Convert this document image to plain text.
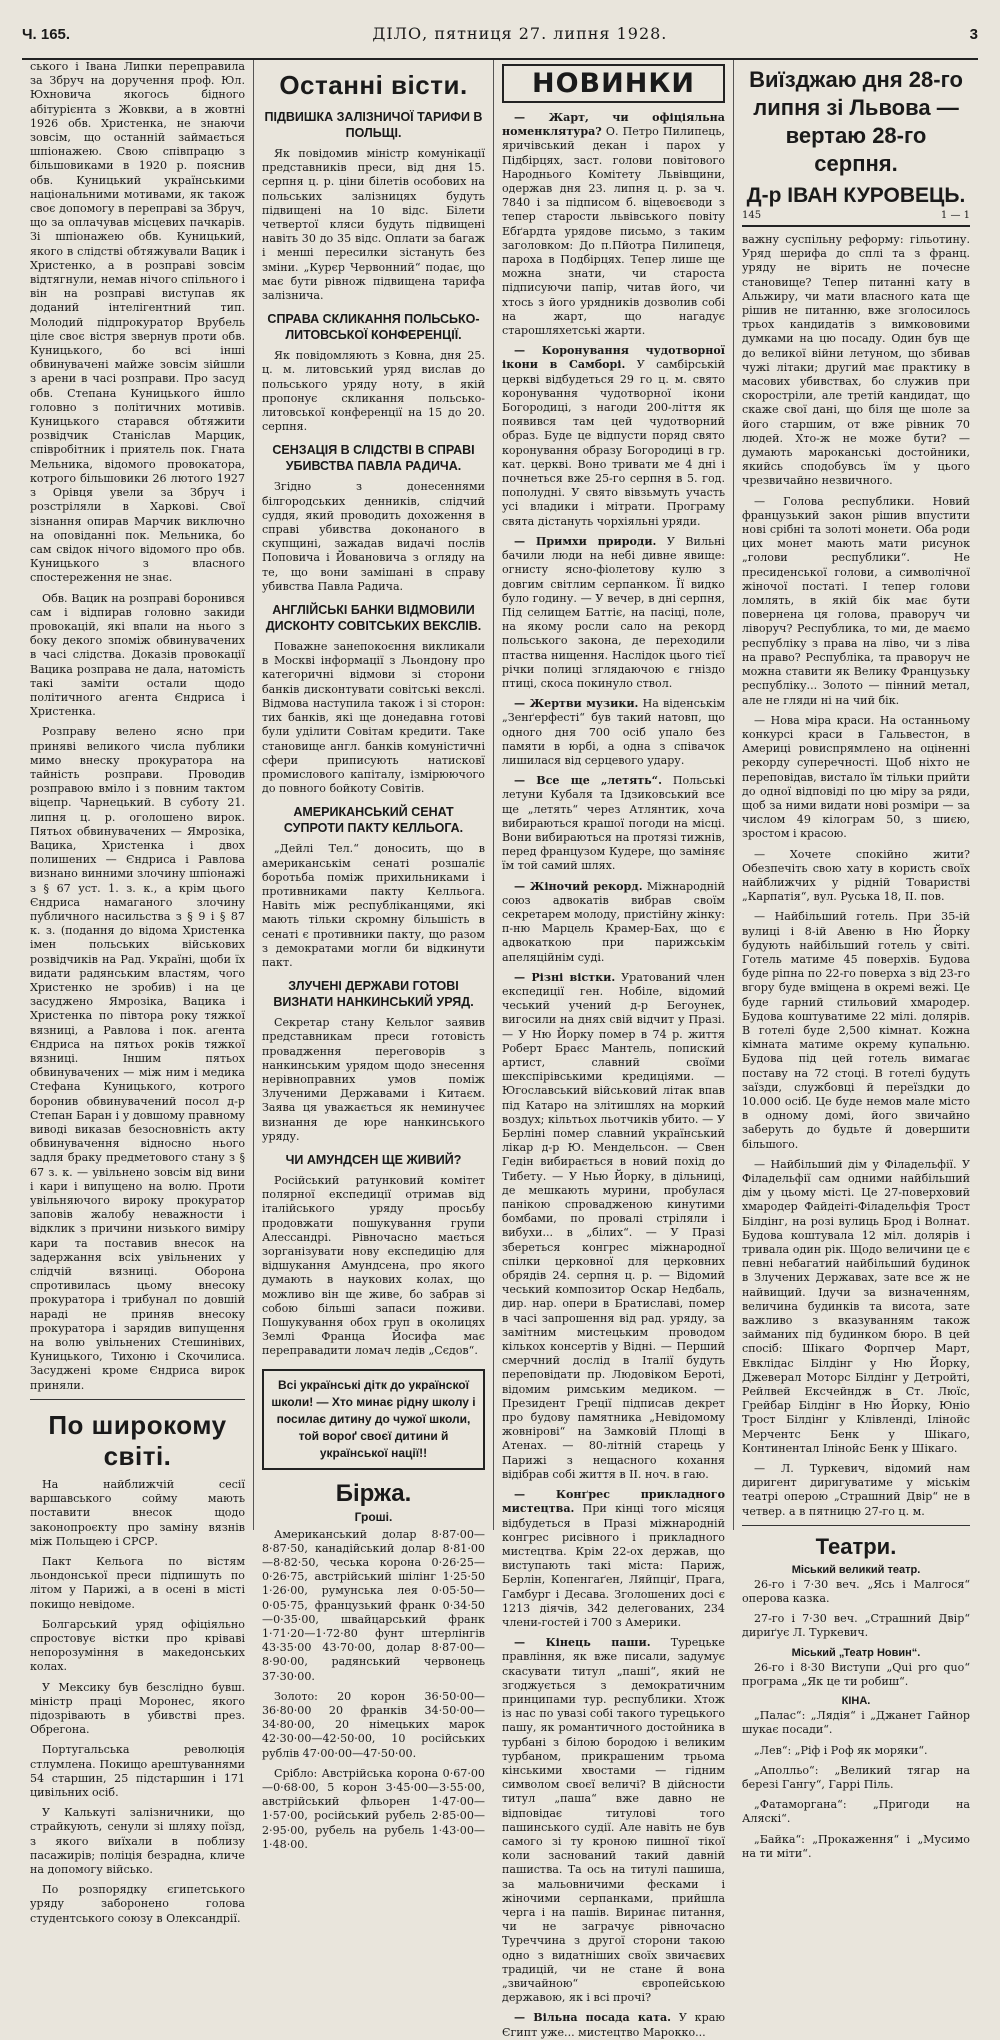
Ч. 165.	ДІЛО, пятниця 27. липня 1928.	3

ського і Івана Липки переправила за Збруч на доручення проф. Юл. Юхновича якогось бідного абітурієнта з Жовкви, а в жовтні 1926 обв. Христенка, не знаючи зовсім, що останній займається шпіонажею. Свою співпрацю з більшовиками в 1920 р. пояснив обв. Куницький українськими національними мотивами, як також своє допомогу в переправі за Збруч, що за оплачував місцевих пачкарів. Зі шпіонажею обв. Куницький, якого в слідстві обтяжували Вацик і Христенко, а в розправі зовсім відтягнули, немав нічого спільного і він на розправі виступав як доданий інтелігентний тип. Молодий підпрокуратор Врубель ціле своє вістря звернув проти обв. Куницького, бо всі інші обвинувачені майже зовсім зійшли з арени в часі розправи. Про засуд обв. Степана Куницького йшло головно з політичних мотивів. Куницького старався обтяжити розвідчик Станіслав Марцик, співробітник і приятель пок. Гната Мельника, відомого провокатора, котрого більшовики 26 лютого 1927 з Орівця увели за Збруч і розстріляли в Харкові. Свої зізнання опирав Марчик виключно на оповіданні пок. Мельника, бо сам свідок нічого відомого про обв. Куницького з власного спостереження не знає.

Обв. Вацик на розправі боронився сам і відпирав головно закиди провокацій, які впали на нього з боку декого зпоміж обвинувачених в часі слідства. Доказів провокації Вацика розправа не дала, натомість такі заміти остали щодо політичного агента Єндриса і Христенка.

Розправу велено ясно при приняві великого числа публики мимо внеску прокуратора на тайність розправи. Проводив розправою вміло і з повним тактом віцепр. Чарнецький. В суботу 21. липня ц. р. оголошено вирок. Пятьох обвинувачених — Ямрозіка, Вацика, Христенка і двох полишених — Єндриса і Равлова визнано винними злочину шпіонажі з § 67 уст. 1. з. к., а крім цього Єндриса намаганого злочину публичного насильства з § 9 і § 87 к. з. (подання до відома Христенка імен польських військових розвідчиків на Рад. Україні, щоби їх видати радянським властям, чого Христенко не зробив) і на це засуджено Ямрозіка, Вацика і Христенка по півтора року тяжкої вязниці, а Равлова і пок. агента Єндриса на пятьох років тяжкої вязниці. Іншим пятьох обвинувачених — між ним і медика Стефана Куницького, котрого боронив обвинувачений посол д-р Степан Баран і у довшому правному виводі виказав безосновність акту обвинувачення відносно нього задля браку предметового стану з § 67 з. к. — увільнено зовсім від вини і кари і випущено на волю. Проти увільняючого вироку прокуратор заповів жалобу неважности і відклик з причини низького виміру кари та поставив внесок на задержання всіх увільнених у слідчій вязниці. Оборона спротивилась цьому внесоку прокуратора і трибунал по довшій нараді не приняв внесоку прокуратора і зарядив випущення на волю увільнених Стешинівих, Куницького, Тихоню і Скочилиса. Засуджені кроме Єндриса вирок приняли.

По широкому світі.

На найближчій сесії варшавського сойму мають поставити внесок щодо законопроєкту про заміну вязнів між Польщею і СРСР.

Пакт Кельога по вістям льондонської преси підпишуть по літом у Парижі, а в осені в місті покищо невідоме.

Болгарський уряд офіціяльно спростовує вістки про кріваві непорозуміння в македонських колах.

У Мексику був безслідно бувш. міністр праці Моронес, якого підозрівають в убивстві през. Обрегона.

Португальська революція стлумлена. Покищо арештуваннями 54 старшин, 25 підстаршин і 171 цивільних осіб.

У Калькуті залізничники, що страйкують, сенули зі шляху поїзд, з якого виїхали в поблизу пасажирів; поліція безрадна, кличе на допомогу військо.

По розпорядку єгипетського уряду заборонено голова студентського союзу в Олександрії.

Останні вісти.
ПІДВИШКА ЗАЛІЗНИЧОЇ ТАРИФИ В ПОЛЬЩІ.

Як повідомив міністр комунікації представників преси, від дня 15. серпня ц. р. ціни білетів особових на польських залізницях будуть підвищені на 10 відс. Білети четвертої кляси будуть підвищені навіть 30 до 35 відс. Оплати за багаж і менші пересилки зістануть без зміни. „Курєр Червонний“ подає, що має бути рівнож підвищена тарифа залізнича.

СПРАВА СКЛИКАННЯ ПОЛЬСЬКО-ЛИТОВСЬКОЇ КОНФЕРЕНЦІЇ.

Як повідомляють з Ковна, дня 25. ц. м. литовський уряд вислав до польського уряду ноту, в якій пропонує скликання польсько-литовської конференції на 15 до 20. серпня.

СЕНЗАЦІЯ В СЛІДСТВІ В СПРАВІ УБИВСТВА ПАВЛА РАДИЧА.

Згідно з донесеннями білгородських денників, слідчий суддя, який проводить дохоження в справі убивства доконаного в скупщині, зажадав видачі послів Поповича і Йовановича з огляду на те, що вони замішані в справу убивства Павла Радича.

АНГЛІЙСЬКІ БАНКИ ВІДМОВИЛИ ДИСКОНТУ СОВІТСЬКИХ ВЕКСЛІВ.

Поважне занепокоєння викликали в Москві інформації з Льондону про категоричні відмови зі сторони банків дисконтувати совітські векслі. Відмова наступила також і зі сторон: тих банків, які ще донедавна готові були уділити Совітам кредити. Таке становище англ. банків комуністичні сфери приписують натисковї промислового капіталу, ізмірюючого до повного бойкоту Совітів.

АМЕРИКАНСЬКИЙ СЕНАТ СУПРОТИ ПАКТУ КЕЛЛЬОГА.

„Дейлі Тел.“ доносить, що в американськім сенаті розшаліє боротьба поміж прихильниками і противниками пакту Келльога. Навіть між республіканцями, які мають тільки скромну більшість в сенаті є противники пакту, що разом з демократами могли би відкинути пакт.

ЗЛУЧЕНІ ДЕРЖАВИ ГОТОВІ ВИЗНАТИ НАНКИНСЬКИЙ УРЯД.

Секретар стану Кельлог заявив представникам преси готовість провадження переговорів з нанкинським урядом щодо знесення нерівноправних умов поміж Злученими Державами і Китаєм. Заява ця уважається як неминучеє визнання де юре нанкинського уряду.

ЧИ АМУНДСЕН ЩЕ ЖИВИЙ?

Російський ратунковий комітет полярної експедиції отримав від італійського уряду просьбу продовжати пошукування групи Алессандрі. Рівночасно мається зорганізувати нову експедицію для відшукання Амундсена, про якого думають в наукових колах, що можливо він ще живе, бо забрав зі собою більші запаси поживи. Пошукування обох груп в околицях Землі Франца Йосифа має переправадити ломач ледів „Сєдов“.

Всі українські дітк до українскої школи! — Хто минає рідну школу і посилає дитину до чужої школи, той вороґ своєї дитини й української нації!!
Біржа.
Гроші.

Американський долар 8·87·00—8·87·50, канадійський долар 8·81·00—8·82·50, чеська корона 0·26·25—0·26·75, австрійський шілінг 1·25·50 1·26·00, румунська лея 0·05·50—0·05·75, французький франк 0·34·50—0·35·00, швайцарський франк 1·71·20—1·72·80 фунт штерлінгів 43·35·00 43·70·00, долар 8·87·00—8·90·00, радянський червонець 37·30·00.

Золото: 20 корон 36·50·00—36·80·00 20 франків 34·50·00—34·80·00, 20 німецьких марок 42·30·00—42·50·00, 10 російських рублів 47·00·00—47·50·00.

Срібло: Австрійська корона 0·67·00—0·68·00, 5 корон 3·45·00—3·55·00, австрійський фльорен 1·47·00—1·57·00, російський рубель 2·85·00—2·95·00, рубель на рубель 1·43·00—1·48·00.

НОВИНКИ

— Жарт, чи офіціяльна номенклятура? О. Петро Пилипець, яричівський декан і парох у Підбірцях, заст. голови повітового Народнього Комітету Львівщини, одержав дня 23. липня ц. р. за ч. 7840 і за підписом б. віцевоєводи з тепер старости львівського повіту Ебґардта урядове письмо, з таким заголовком: До п.Пйотра Пилипеця, пароха в Подбірцях. Тепер лише ще можна знати, чи староста підписуючи папір, читав його, чи хтось з його урядників дозволив собі на жарт, що нагадує старошляхетські жарти.

— Коронування чудотворної ікони в Самборі. У самбірській церкві відбудеться 29 го ц. м. свято коронування чудотворної ікони Богородиці, з нагоди 200-ліття як появився там цей чудотворний образ. Буде це відпусти поряд свято коронування образу Богородиці в гр. кат. церкві. Воно тривати ме 4 дні і почнеться вже 25-го серпня в 5. год. пополудні. У свято вівзьмуть участь усі владики і мітрати. Програму свята дістануть чорхіяльні уряди.

— Примхи природи. У Вильні бачили люди на небі дивне явище: огнисту ясно-фіолетову кулю з довгим світлим серпанком. Її видко було годину. — У вечер, в дні серпня, Під селищем Баттіє, на пасіці, поле, на якому росли сало на рекорд польського закона, де переходили птаства нищення. Наслідок цього тієї річки полиці зглядаючою є гніздо птиці, скоса покинуло ствол.

— Жертви музики. На віденськім „Зенґерфесті“ був такий натовп, що одного дня 700 осіб упало без памяти в юрбі, а одна з співачок лишилася від серцевого удару.

— Все ще „летять“. Польські летуни Кубаля та Ідзиковський все ще „летять“ через Атлянтик, хоча вибираються крашої погоди на місці. Вони вибираються на протязі тижнів, перед французом Кудере, що заміняє їм той самий шлях.

— Жіночий рекорд. Міжнародній союз адвокатів вибрав своїм секретарем молоду, пристійну жінку: п-ню Марцель Крамер-Бах, що є адвокаткою при парижськім апеляційнім суді.

— Різні вістки. Уратований член експедиції ген. Нобіле, відомий чеський учений д-р Бегоунек, вигосили на днях свій відчит у Празі. — У Ню Йорку помер в 74 р. життя Роберт Браєс Мантель, попиский артист, славний своїми шекспірівськими кредиціями. — Югославський військовий літак впав під Катаро на злітишлях на моркий воздух; кільтьох льотчиків убито. — У Берліні помер славний український лікар д-р Ю. Мендельсон. — Свен Гедін вибирається в новий похід до Тибету. — У Нью Йорку, в дільниці, де мешкають мурини, пробулася панікою спровадженою кинутими бомбами, по провалі стріляли і вибухи... в „білих“. — У Празі збереться конгрес міжнародної спілки церковної для церковних обрядів 24. серпня ц. р. — Відомий чеський композитор Оскар Недбаль, дир. нар. опери в Братиславі, помер в часі запрошення від рад. уряду, за замітним мистецьким проводом кількох консертів у Відні. — Перший смерчний дослід в Італії будуть переповідати пр. Людовіком Бероті, відомим римським медиком. — Президент Греції підписав декрет про будову памятника „Невідомому жовнірові“ на Замковій Площі в Атенах. — 80-літній старець у Парижі з нещасного кохання відібрав собі життя в ІІ. ноч. в гаю.

— Конґрес прикладного мистецтва. При кінці того місяця відбудеться в Празі міжнародній конгрес рисівного і прикладного мистецтва. Крім 22-ох держав, що виступають такі міста: Париж, Берлін, Копенгаґен, Ляйпціґ, Прага, Гамбург і Десава. Зголошених досі є 1213 діячів, 342 делегованих, 234 члени-гостей і 700 з Америки.

— Кінець паши. Турецьке правління, як вже писали, задумує скасувати титул „паші“, який не згоджується з демократичним принципами тур. республики. Хтож із нас по увазі собі такого турецького пашу, як романтичного достойника в турбані з білою бородою і великим турбаном, прикрашеним трьома кінськими хвостами — гідним символом своєї величі? В дійсности титул „паша“ вже давно не відповідає титулові того пашинського судії. Але навіть не був самого зі ту кроною пишної тікої коли заснований такий давній пашиства. Та ось на титулі пашиша, за мальовничими фесками і жіночими серпанками, прийшла черга і на пашів. Виринає питання, чи не заграчує рівночасно Туреччина з другої сторони такою одно з видатніших своїх звичаєвих традицій, чи не стане й вона „звичайною“ європейською державою, як і всі прочі?

— Вільна посада ката. У краю Єгипт уже... мистецтво Марокко...

Виїзджаю дня 28-го
липня зі Львова —
вертаю 28-го серпня.
Д-р ІВАН КУРОВЕЦЬ.
145	1 — 1

важну суспільну реформу: гільотину. Уряд шерифа до сплі та з франц. уряду не вірить не почесне становище? Тепер питанні кату в Альжиру, чи мати власного ката ще рішив не питанню, вже зголосилось трьох кандидатів з вимкововими думками на цю посаду. Один був ще до великої війни летуном, що збивав чужі літаки; другий має практику в масових убивствах, бо служив при скоростріли, але третій кандидат, що скаже свої дані, що біля ще шоле за його старшим, от вже рівник 70 людей. Хто-ж не може бути? — думають мароканські достойники, якийсь сподобувсь їм у цього чрезвичайно незвичного.

— Голова республики. Новий французький закон рішив впустити нові срібні та золоті монети. Оба роди цих монет мають мати рисунок „голови республики“. Не пресиденської голови, а символічної жіночої постаті. І тепер голови ломлять, в якій бік має бути повернена ця голова, праворуч чи ліворуч? Республика, то ми, де маємо республіку з права на ліво, чи з ліва на право? Республіка, та праворуч не можна ставити як Велику Французьку республіку... Золото — пінний метал, але не гляди ні на чий бік.

— Нова міра краси. На останньому конкурсі краси в Гальвестон, в Америці ровиспрямлено на оціненні рекорду суперечності. Щоб ніхто не переповідав, вистало їм тільки прийти до одної відповіді по цю міру за ряди, щоб за ними видати нові розміри — за числом 49 кілограм 50, з шиєю, зростом і красою.

— Хочете спокійно жити? Обезпечіть свою хату в користь своїх найближчих у рідній Товаристві „Карпатія“, вул. Руська 18, II. пов.

— Найбільший готель. При 35-ій вулиці і 8-ій Авеню в Ню Йорку будують найбільший готель у світі. Готель матиме 45 поверхів. Будова буде ріпна по 22-го поверха з від 23-го вгору буде вміщена в окремі вежі. Це буде гарний стильовий хмародер. Будова коштуватиме 22 мілі. долярів. В готелі буде 2,500 кімнат. Кожна кімната матиме окрему купальню. Будова під цей готель вимагає поставу на 72 стоці. В готелі будуть заїзди, службовці й переїздки до 10.000 осіб. Це буде немов мале місто в одному домі, його звичайно заберуть до будьте й довершити більшого.

— Найбільший дім у Філадельфії. У Філадельфії сам одними найбільший дім у цьому місті. Це 27-поверховий хмародер Файдеіті-Філадельфія Трост Білдінг, на розі вулиць Брод і Волнат. Будова коштувала 12 міл. долярів і тривала один рік. Щодо величини це є певні небагатий найбільший будинок в Злучених Державах, зате все ж не найвищий. Ідучи за визначенням, величина будинків та висота, зате важливо з вказуванням також займаних під будинком бюро. В цей спосіб: Шікаго Форпчер Март, Евклідас Білдінг у Ню Йорку, Джеверал Моторс Білдінг у Детройті, Рейлвей Ексчейндж в Ст. Люїс, Грейбар Білдінг в Ню Йорку, Юніо Трост Білдінг у Клівленді, Ілінойс Мерчентс Бенк у Шікаго, Континентал Ілінойс Бенк у Шікаго.

— Л. Туркевич, відомий нам диригент диригуватиме у міськім театрі оперою „Страшний Двір“ не в четвер. а в пятницю 27-го ц. м.

Театри.
Міський великий театр.

26-го і 7·30 веч. „Ясь і Малгося“ оперова казка.

27-го і 7·30 веч. „Страшний Двір“ дириґує Л. Туркевич.

Міський „Театр Новин“.

26-го і 8·30 Виступи „Qui pro quo“ програма „Як це ти робиш“.

КІНА.

„Палас“: „Лядія“ і „Джанет Гайнор шукає посади“.

„Лев“: „Ріф і Роф як моряки“.

„Аполльо“: „Великий тягар на березі Гангу“, Гаррі Піль.

„Фатаморгана“: „Пригоди на Аляскі“.

„Байка“: „Прокаження“ і „Мусимо на ти міти“.
